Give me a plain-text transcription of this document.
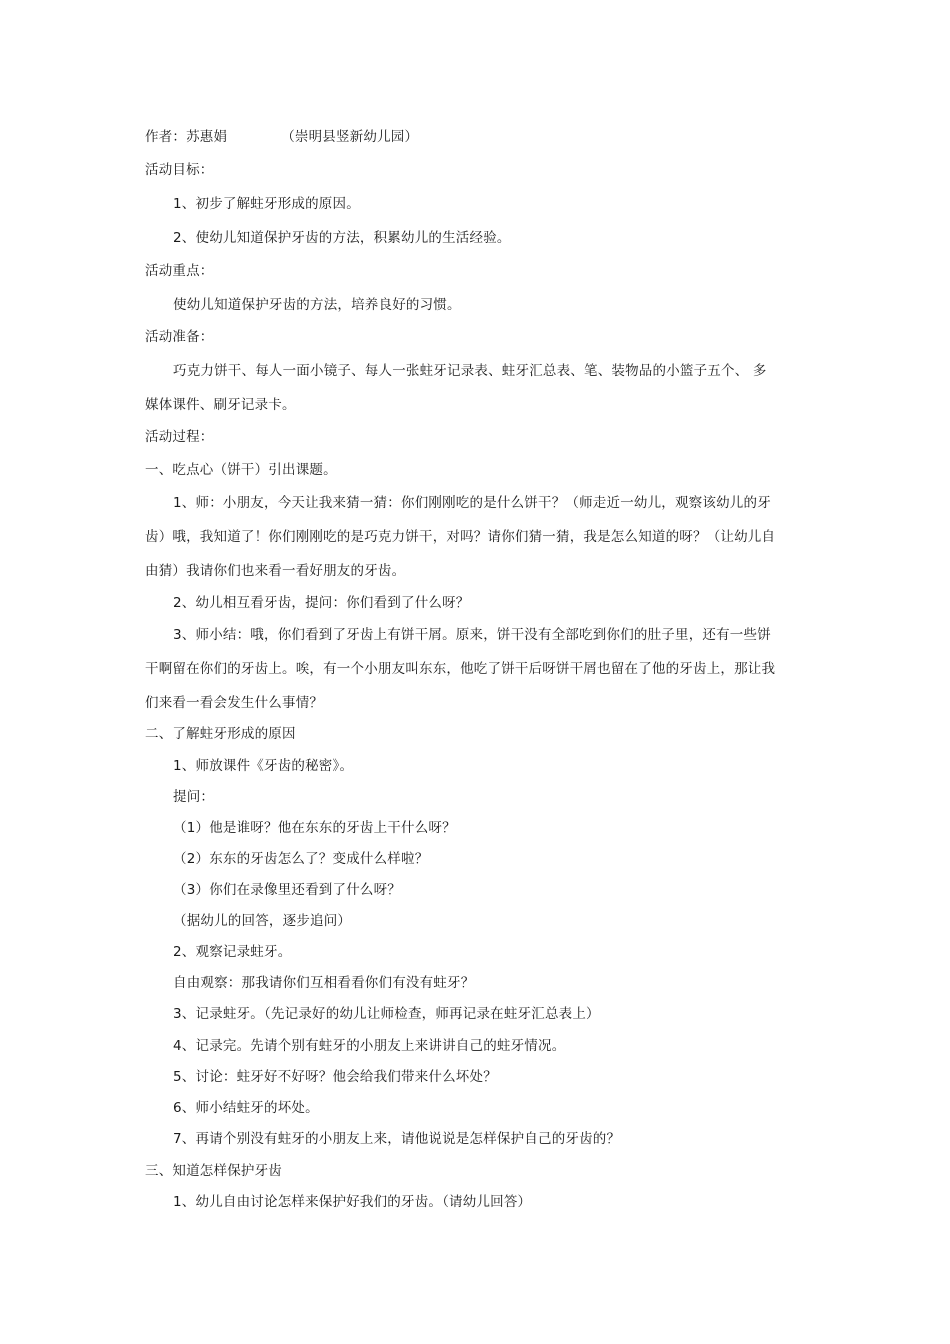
作者：苏惠娟	（崇明县竖新幼儿园）
活动目标：
1、初步了解蛀牙形成的原因。
2、使幼儿知道保护牙齿的方法，积累幼儿的生活经验。
活动重点：
使幼儿知道保护牙齿的方法，培养良好的习惯。
活动准备：
巧克力饼干、每人一面小镜子、每人一张蛀牙记录表、蛀牙汇总表、笔、装物品的小篮子五个、 多
媒体课件、刷牙记录卡。
活动过程：
一、吃点心（饼干）引出课题。
1、师：小朋友，今天让我来猜一猜：你们刚刚吃的是什么饼干？（师走近一幼儿，观察该幼儿的牙
齿）哦，我知道了！你们刚刚吃的是巧克力饼干，对吗？请你们猜一猜，我是怎么知道的呀？（让幼儿自
由猜）我请你们也来看一看好朋友的牙齿。
2、幼儿相互看牙齿，提问：你们看到了什么呀？
3、师小结：哦，你们看到了牙齿上有饼干屑。原来，饼干没有全部吃到你们的肚子里，还有一些饼
干啊留在你们的牙齿上。唉，有一个小朋友叫东东，他吃了饼干后呀饼干屑也留在了他的牙齿上，那让我
们来看一看会发生什么事情？
二、了解蛀牙形成的原因
1、师放课件《牙齿的秘密》。
提问：
（1）他是谁呀？他在东东的牙齿上干什么呀？
（2）东东的牙齿怎么了？变成什么样啦？
（3）你们在录像里还看到了什么呀？
（据幼儿的回答，逐步追问）
2、观察记录蛀牙。
自由观察：那我请你们互相看看你们有没有蛀牙？
3、记录蛀牙。（先记录好的幼儿让师检查，师再记录在蛀牙汇总表上）
4、记录完。先请个别有蛀牙的小朋友上来讲讲自己的蛀牙情况。
5、讨论：蛀牙好不好呀？他会给我们带来什么坏处？
6、师小结蛀牙的坏处。
7、再请个别没有蛀牙的小朋友上来，请他说说是怎样保护自己的牙齿的？
三、知道怎样保护牙齿
1、幼儿自由讨论怎样来保护好我们的牙齿。（请幼儿回答）
